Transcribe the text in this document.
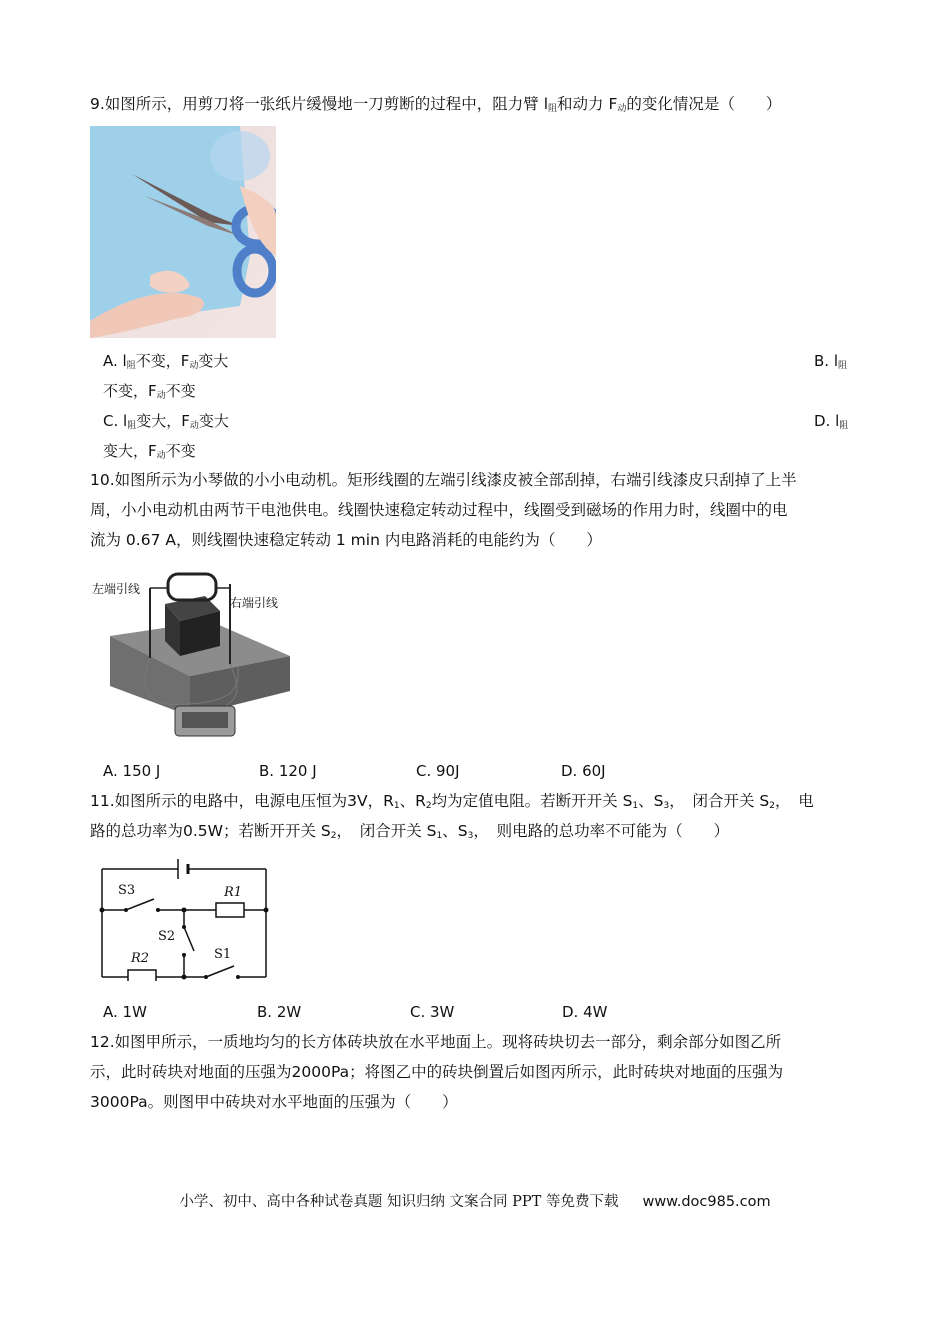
9.如图所示，用剪刀将一张纸片缓慢地一刀剪断的过程中，阻力臂 $l_阻$和动力 $F_动$的变化情况是（　　）
A. $l_阻$不变，$F_动$变大	B. $l_阻$
不变，$F_动$不变
C. $l_阻$变大，$F_动$变大	D. $l_阻$
变大，$F_动$不变
10.如图所示为小琴做的小小电动机。矩形线圈的左端引线漆皮被全部刮掉，右端引线漆皮只刮掉了上半
周，小小电动机由两节干电池供电。线圈快速稳定转动过程中，线圈受到磁场的作用力时，线圈中的电
流为 0.67 A，则线圈快速稳定转动 1 min 内电路消耗的电能约为（　　）
左端引线
右端引线
A. 150 J	B. 120 J	C. 90J	D. 60J
11.如图所示的电路中，电源电压恒为3V，$R_1$、$R_2$均为定值电阻。若断开开关 $S_1$、$S_3$，　闭合开关 $S_2$，　电
路的总功率为0.5W；若断开开关 $S_2$，　闭合开关 $S_1$、$S_3$，　则电路的总功率不可能为（　　）
S3	R1
S2
R2	S1
A. 1W	B. 2W	C. 3W	D. 4W
12.如图甲所示，一质地均匀的长方体砖块放在水平地面上。现将砖块切去一部分，剩余部分如图乙所
示，此时砖块对地面的压强为2000Pa；将图乙中的砖块倒置后如图丙所示，此时砖块对地面的压强为
3000Pa。则图甲中砖块对水平地面的压强为（　　）
小学、初中、高中各种试卷真题 知识归纳 文案合同 PPT 等免费下载 www.doc985.com
